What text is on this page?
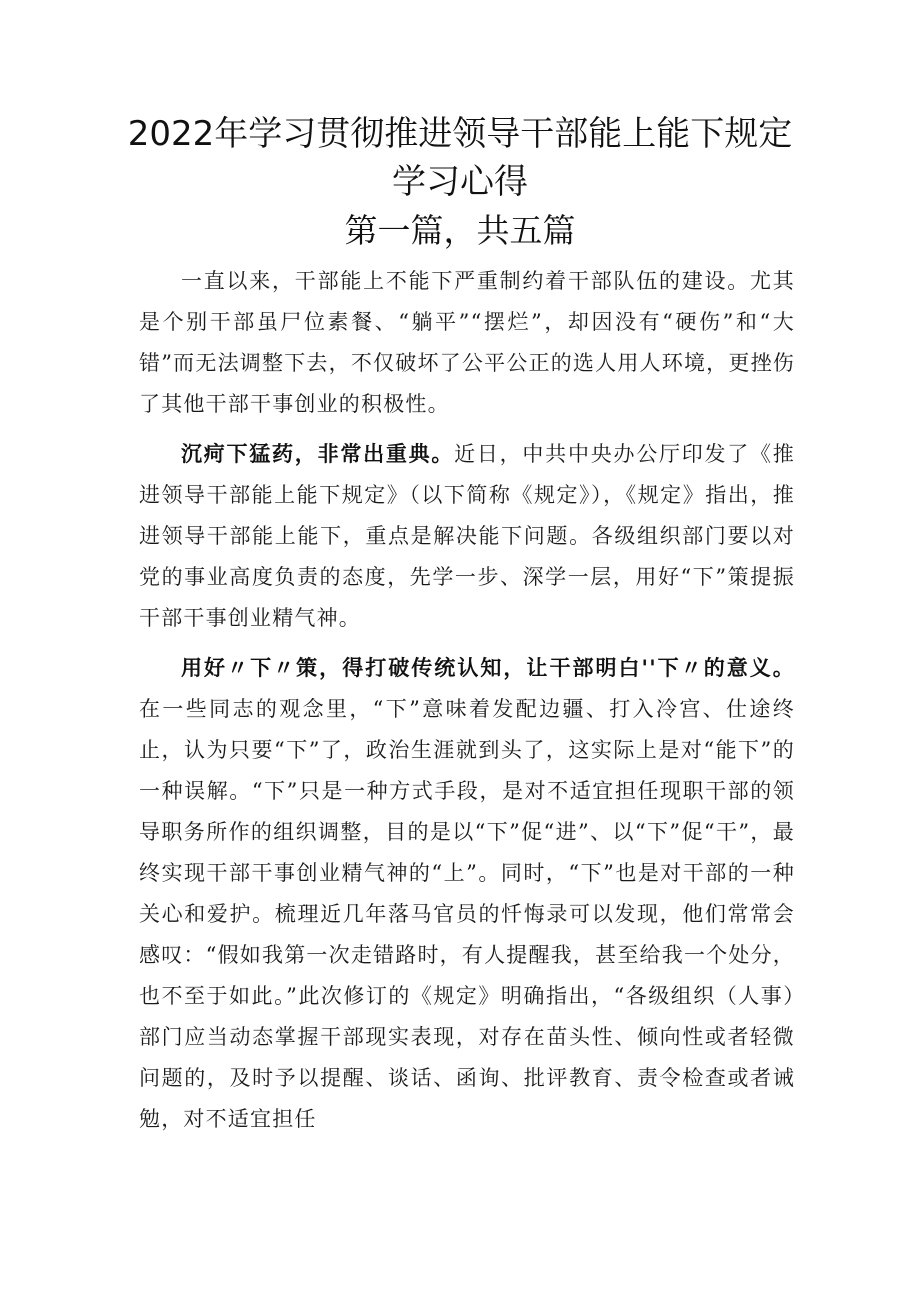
2022年学习贯彻推进领导干部能上能下规定
学习心得
第一篇，共五篇

一直以来，干部能上不能下严重制约着干部队伍的建设。尤其是个别干部虽尸位素餐、“躺平”“摆烂”，却因没有“硬伤”和“大错”而无法调整下去，不仅破坏了公平公正的选人用人环境，更挫伤了其他干部干事创业的积极性。

沉疴下猛药，非常出重典。近日，中共中央办公厅印发了《推进领导干部能上能下规定》（以下简称《规定》），《规定》指出，推进领导干部能上能下，重点是解决能下问题。各级组织部门要以对党的事业高度负责的态度，先学一步、深学一层，用好“下”策提振干部干事创业精气神。

用好〃下〃策，得打破传统认知，让干部明白''下〃的意义。在一些同志的观念里，“下”意味着发配边疆、打入冷宫、仕途终止，认为只要“下”了，政治生涯就到头了，这实际上是对“能下”的一种误解。“下”只是一种方式手段，是对不适宜担任现职干部的领导职务所作的组织调整，目的是以“下”促“进”、以“下”促“干”，最终实现干部干事创业精气神的“上”。同时，“下”也是对干部的一种关心和爱护。梳理近几年落马官员的忏悔录可以发现，他们常常会感叹：“假如我第一次走错路时，有人提醒我，甚至给我一个处分，也不至于如此。”此次修订的《规定》明确指出，“各级组织（人事）部门应当动态掌握干部现实表现，对存在苗头性、倾向性或者轻微问题的，及时予以提醒、谈话、函询、批评教育、责令检查或者诫勉，对不适宜担任
